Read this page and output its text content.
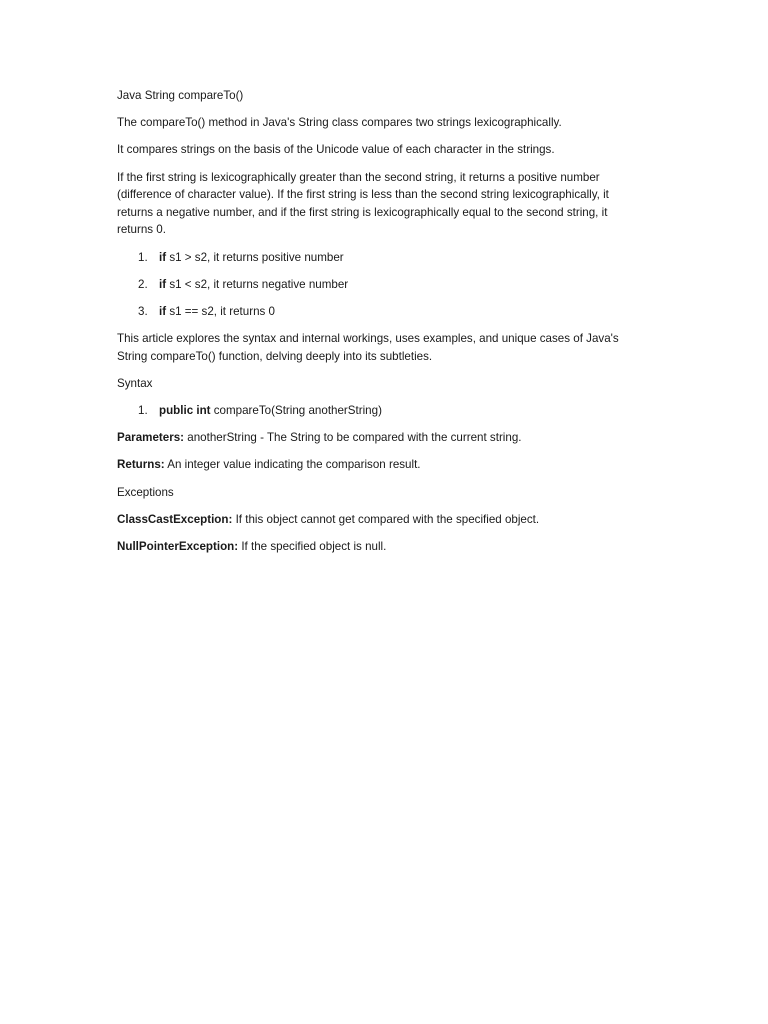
Java String compareTo()

The compareTo() method in Java's String class compares two strings lexicographically.

It compares strings on the basis of the Unicode value of each character in the strings.

If the first string is lexicographically greater than the second string, it returns a positive number (difference of character value). If the first string is less than the second string lexicographically, it returns a negative number, and if the first string is lexicographically equal to the second string, it returns 0.

1. if s1 > s2, it returns positive number
2. if s1 < s2, it returns negative number
3. if s1 == s2, it returns 0

This article explores the syntax and internal workings, uses examples, and unique cases of Java's String compareTo() function, delving deeply into its subtleties.

Syntax

1. public int compareTo(String anotherString)

Parameters: anotherString - The String to be compared with the current string.

Returns: An integer value indicating the comparison result.

Exceptions

ClassCastException: If this object cannot get compared with the specified object.

NullPointerException: If the specified object is null.
